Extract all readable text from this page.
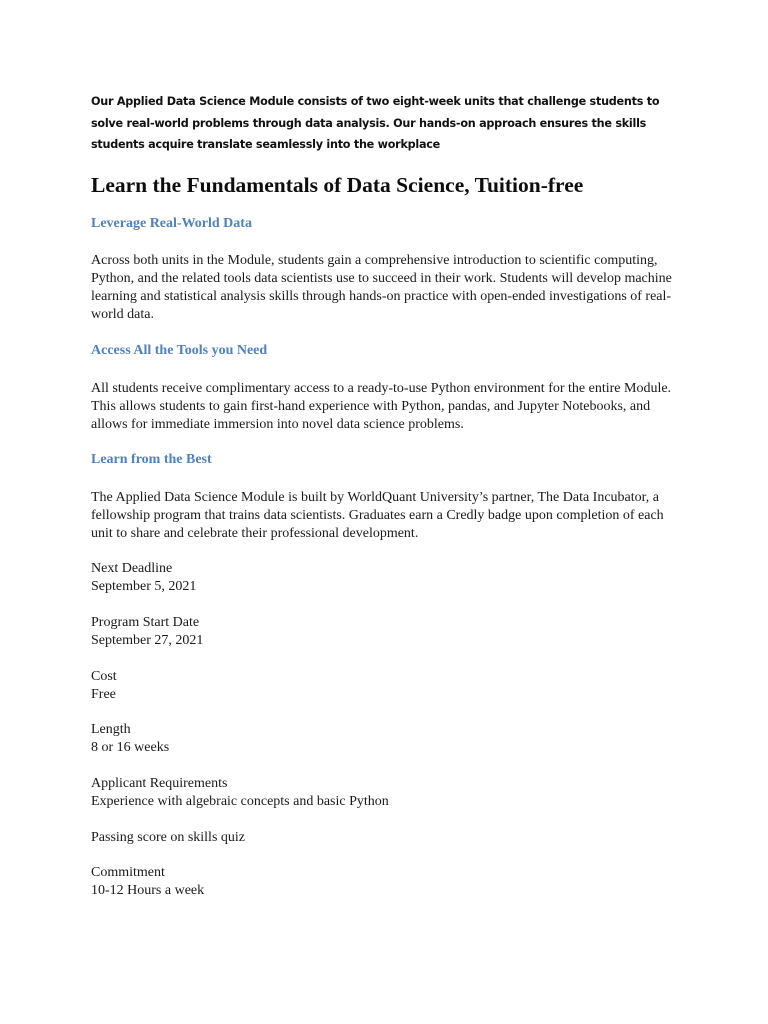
Our Applied Data Science Module consists of two eight-week units that challenge students to solve real-world problems through data analysis. Our hands-on approach ensures the skills students acquire translate seamlessly into the workplace

Learn the Fundamentals of Data Science, Tuition-free
Leverage Real-World Data

Across both units in the Module, students gain a comprehensive introduction to scientific computing, Python, and the related tools data scientists use to succeed in their work. Students will develop machine learning and statistical analysis skills through hands-on practice with open-ended investigations of real-world data.

Access All the Tools you Need

All students receive complimentary access to a ready-to-use Python environment for the entire Module. This allows students to gain first-hand experience with Python, pandas, and Jupyter Notebooks, and allows for immediate immersion into novel data science problems.

Learn from the Best

The Applied Data Science Module is built by WorldQuant University’s partner, The Data Incubator, a fellowship program that trains data scientists. Graduates earn a Credly badge upon completion of each unit to share and celebrate their professional development.

Next Deadline
September 5, 2021
Program Start Date
September 27, 2021
Cost
Free
Length
8 or 16 weeks
Applicant Requirements
Experience with algebraic concepts and basic Python
Passing score on skills quiz
Commitment
10-12 Hours a week
